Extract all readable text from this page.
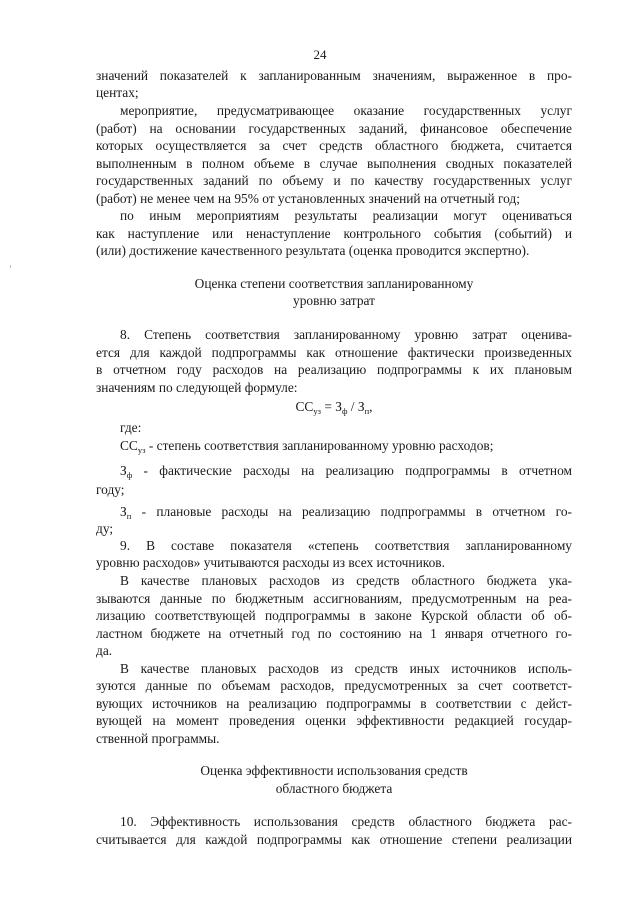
24
значений показателей к запланированным значениям, выраженное в про-
центах;
мероприятие, предусматривающее оказание государственных услуг
(работ) на основании государственных заданий, финансовое обеспечение
которых осуществляется за счет средств областного бюджета, считается
выполненным в полном объеме в случае выполнения сводных показателей
государственных заданий по объему и по качеству государственных услуг
(работ) не менее чем на 95% от установленных значений на отчетный год;
по иным мероприятиям результаты реализации могут оцениваться
как наступление или ненаступление контрольного события (событий) и
(или) достижение качественного результата (оценка проводится экспертно).
Оценка степени соответствия запланированному
уровню затрат
8. Степень соответствия запланированному уровню затрат оценива-
ется для каждой подпрограммы как отношение фактически произведенных
в отчетном году расходов на реализацию подпрограммы к их плановым
значениям по следующей формуле:
$СС_{уз} = З_ф / З_п$,
где:
$СС_{уз}$ - степень соответствия запланированному уровню расходов;
$З_ф$ - фактические расходы на реализацию подпрограммы в отчетном
году;
$З_п$ - плановые расходы на реализацию подпрограммы в отчетном го-
ду;
9. В составе показателя «степень соответствия запланированному
уровню расходов» учитываются расходы из всех источников.
В качестве плановых расходов из средств областного бюджета ука-
зываются данные по бюджетным ассигнованиям, предусмотренным на реа-
лизацию соответствующей подпрограммы в законе Курской области об об-
ластном бюджете на отчетный год по состоянию на 1 января отчетного го-
да.
В качестве плановых расходов из средств иных источников исполь-
зуются данные по объемам расходов, предусмотренных за счет соответст-
вующих источников на реализацию подпрограммы в соответствии с дейст-
вующей на момент проведения оценки эффективности редакцией государ-
ственной программы.
Оценка эффективности использования средств
областного бюджета
10. Эффективность использования средств областного бюджета рас-
считывается для каждой подпрограммы как отношение степени реализации
